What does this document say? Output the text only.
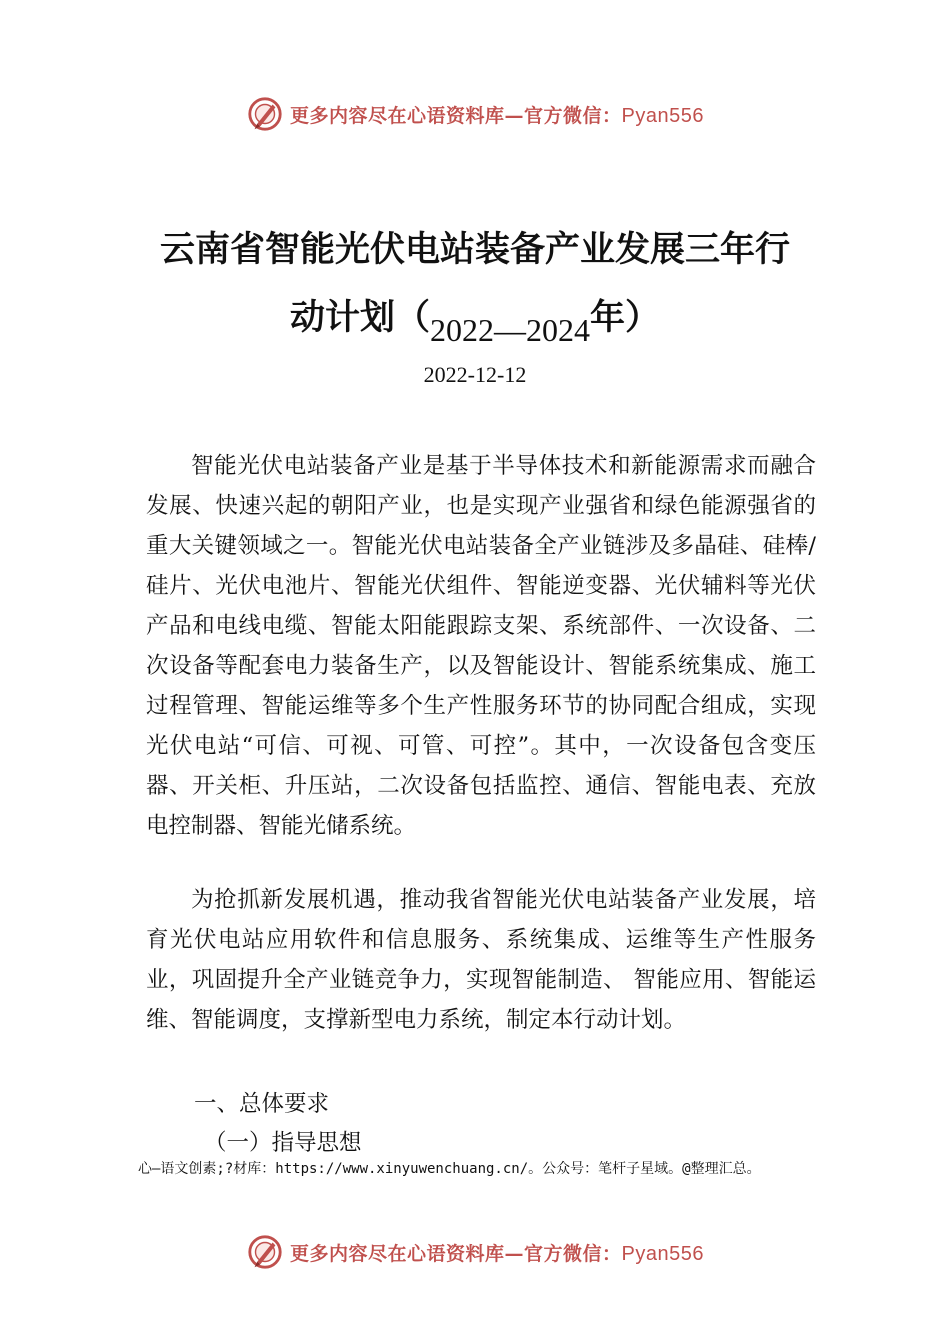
更多内容尽在心语资料库—官方微信：Pyan556
云南省智能光伏电站装备产业发展三年行
动计划（2022—2024年）
2022-12-12

智能光伏电站装备产业是基于半导体技术和新能源需求而融合发展、快速兴起的朝阳产业，也是实现产业强省和绿色能源强省的重大关键领域之一。智能光伏电站装备全产业链涉及多晶硅、硅棒/硅片、光伏电池片、智能光伏组件、智能逆变器、光伏辅料等光伏产品和电线电缆、智能太阳能跟踪支架、系统部件、一次设备、二次设备等配套电力装备生产，以及智能设计、智能系统集成、施工过程管理、智能运维等多个生产性服务环节的协同配合组成，实现光伏电站“可信、可视、可管、可控”。其中，一次设备包含变压器、开关柜、升压站，二次设备包括监控、通信、智能电表、充放电控制器、智能光储系统。

为抢抓新发展机遇，推动我省智能光伏电站装备产业发展，培育光伏电站应用软件和信息服务、系统集成、运维等生产性服务业，巩固提升全产业链竞争力，实现智能制造、 智能应用、智能运维、智能调度，支撑新型电力系统，制定本行动计划。

一、总体要求
（一）指导思想
心—语文创素;?材库：https://www.xinyuwenchuang.cn/。公众号：笔杆子星域。@整理汇总。
更多内容尽在心语资料库—官方微信：Pyan556
